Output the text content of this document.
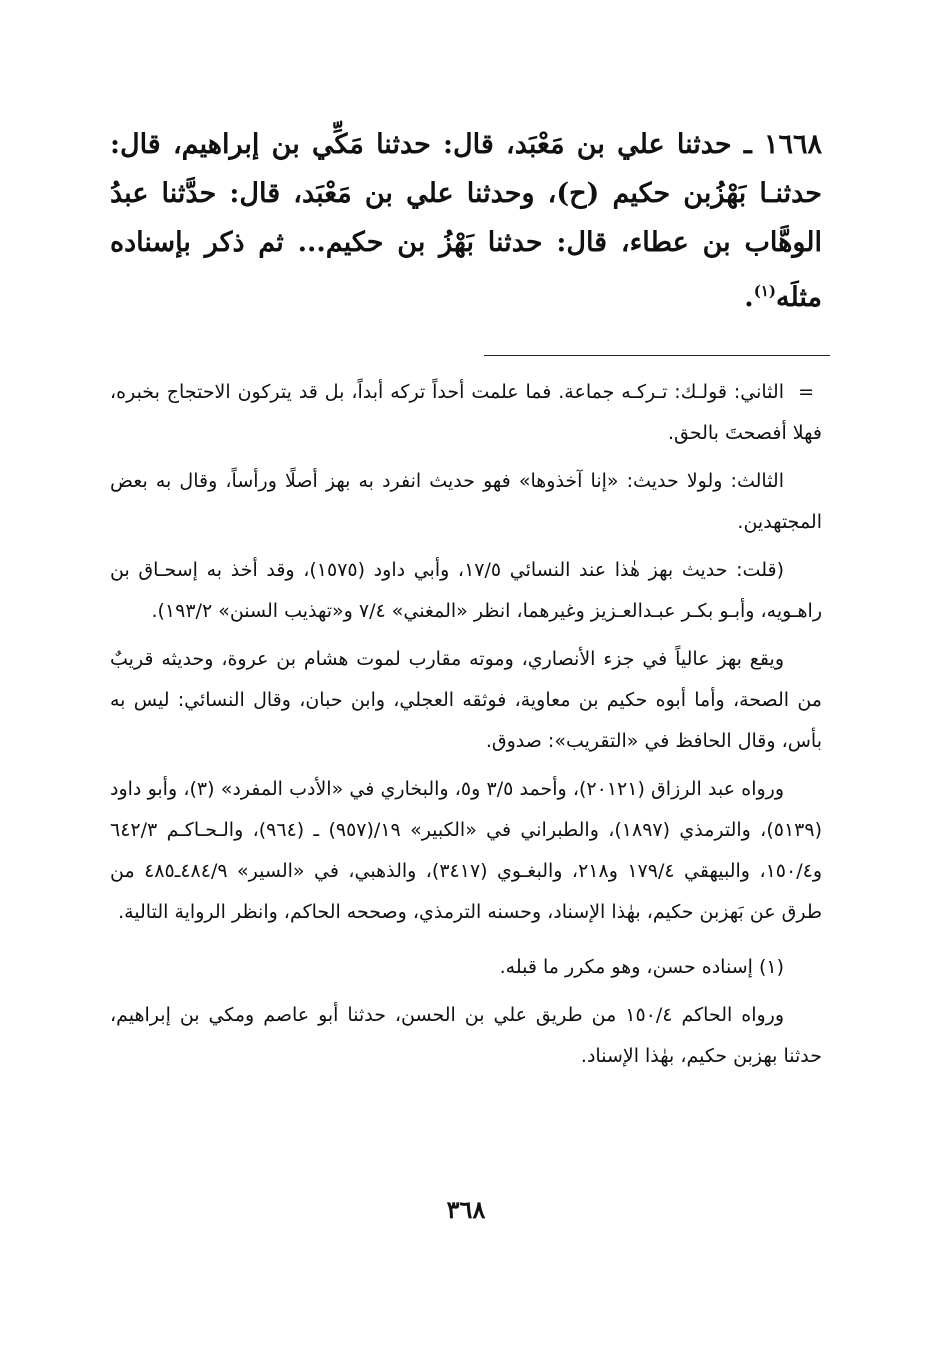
١٦٦٨ ـ حدثنا علي بن مَعْبَد، قال: حدثنا مَكِّي بن إبراهيم، قال: حدثنـا بَهْزُبن حكيم (ح)، وحدثنا علي بن مَعْبَد، قال: حدَّثنا عبدُ الوهَّاب بن عطاء، قال: حدثنا بَهْزُ بن حكيم... ثم ذكر بإسناده مثلَه$^{(١)}$.

=
الثاني: قولـك: تـركـه جماعة. فما علمت أحداً تركه أبداً، بل قد يتركون الاحتجاج بخبره، فهلا أفصحتَ بالحق.

الثالث: ولولا حديث: «إنا آخذوها» فهو حديث انفرد به بهز أصلًا ورأساً، وقال به بعض المجتهدين.

(قلت: حديث بهز هٰذا عند النسائي ١٧/٥، وأبي داود (١٥٧٥)، وقد أخذ به إسحـاق بن راهـويه، وأبـو بكـر عبـدالعـزيز وغيرهما، انظر «المغني» ٧/٤ و«تهذيب السنن» ١٩٣/٢).

ويقع بهز عالياً في جزء الأنصاري، وموته مقارب لموت هشام بن عروة، وحديثه قريبٌ من الصحة، وأما أبوه حكيم بن معاوية، فوثقه العجلي، وابن حبان، وقال النسائي: ليس به بأس، وقال الحافظ في «التقريب»: صدوق.

ورواه عبد الرزاق (٢٠١٢١)، وأحمد ٣/٥ و٥، والبخاري في «الأدب المفرد» (٣)، وأبو داود (٥١٣٩)، والترمذي (١٨٩٧)، والطبراني في «الكبير» ١٩/(٩٥٧) ـ (٩٦٤)، والـحـاكـم ٦٤٢/٣ و١٥٠/٤، والبيهقي ١٧٩/٤ و٢١٨، والبغـوي (٣٤١٧)، والذهبي، في «السير» ٤٨٤/٩ـ٤٨٥ من طرق عن بَهزبن حكيم، بهٰذا الإسناد، وحسنه الترمذي، وصححه الحاكم، وانظر الرواية التالية.

(١) إسناده حسن، وهو مكرر ما قبله.

ورواه الحاكم ١٥٠/٤ من طريق علي بن الحسن، حدثنا أبو عاصم ومكي بن إبراهيم، حدثنا بهزبن حكيم، بهٰذا الإسناد.

٣٦٨
